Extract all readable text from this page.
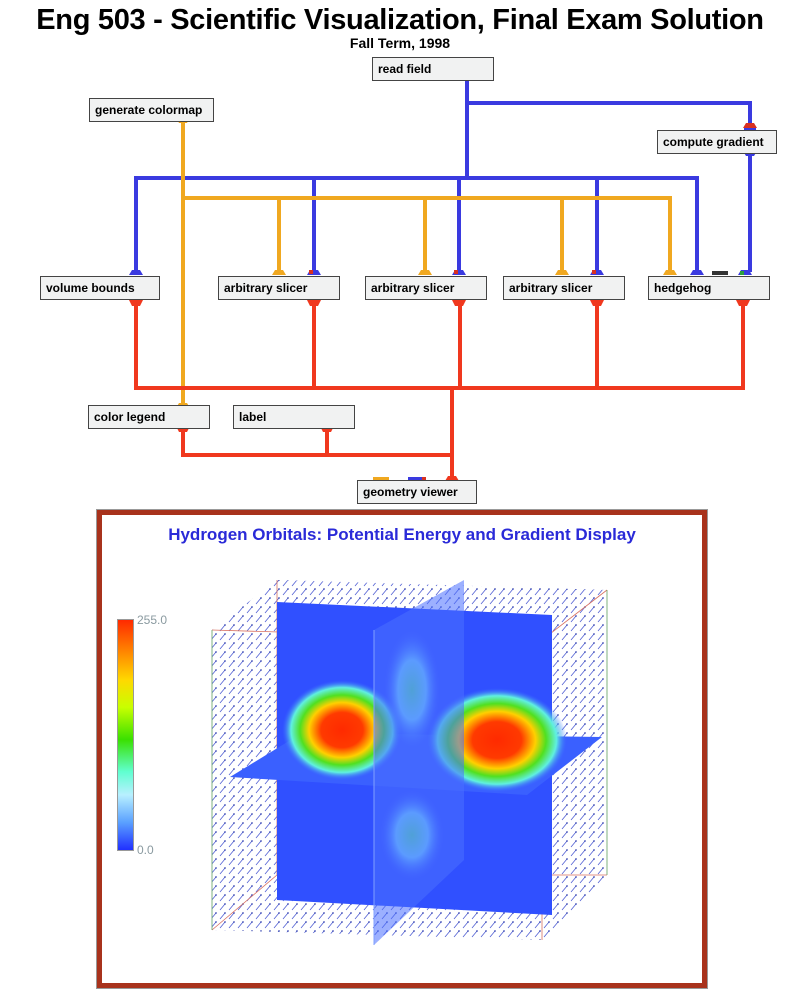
Eng 503 - Scientific Visualization, Final Exam Solution
Fall Term, 1998
read field
generate colormap
compute gradient
volume bounds	arbitrary slicer	arbitrary slicer	arbitrary slicer	hedgehog
color legend	label
geometry viewer
Hydrogen Orbitals: Potential Energy and Gradient Display
255.0
0.0
